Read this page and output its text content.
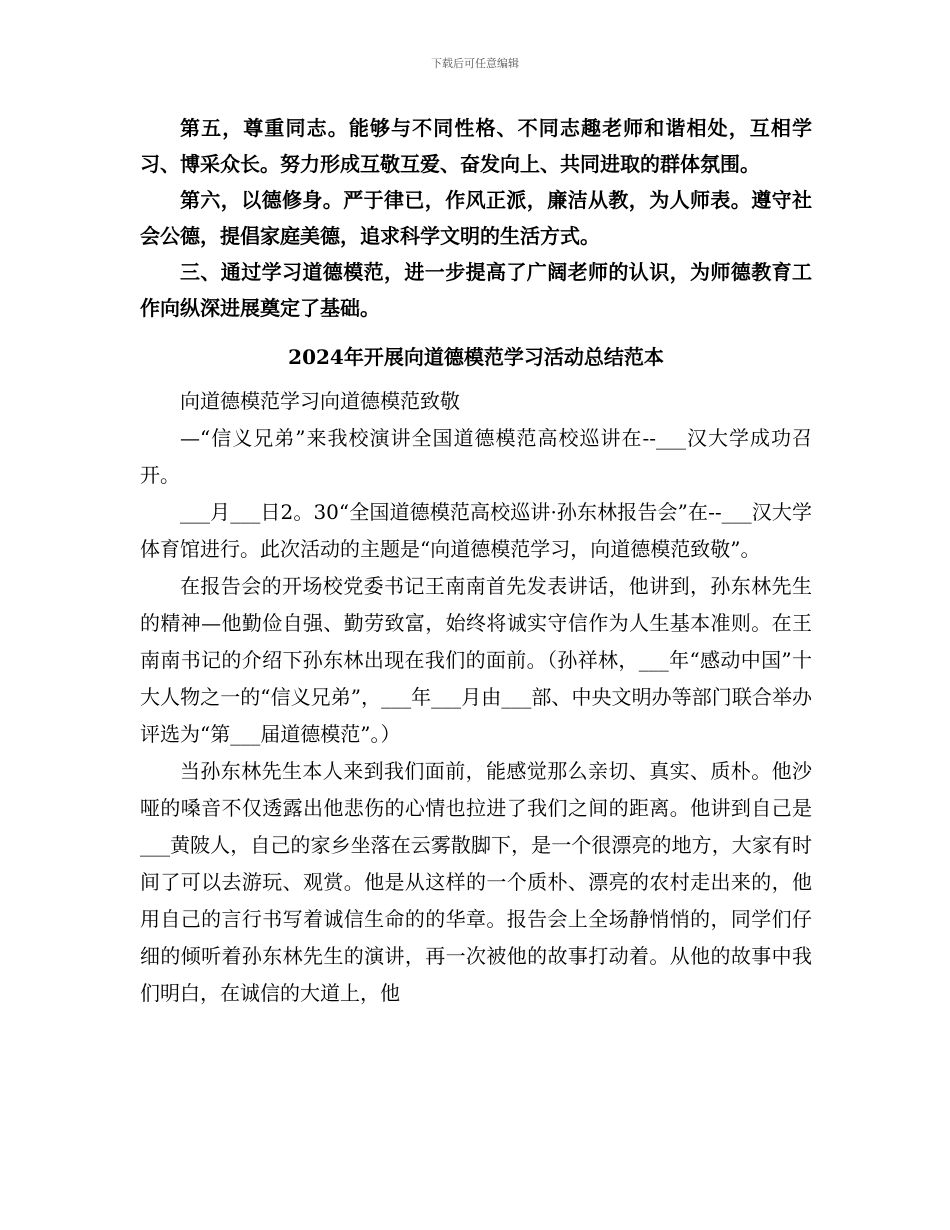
下载后可任意编辑

第五，尊重同志。能够与不同性格、不同志趣老师和谐相处，互相学习、博采众长。努力形成互敬互爱、奋发向上、共同进取的群体氛围。

第六，以德修身。严于律已，作风正派，廉洁从教，为人师表。遵守社会公德，提倡家庭美德，追求科学文明的生活方式。

三、通过学习道德模范，进一步提高了广阔老师的认识，为师德教育工作向纵深进展奠定了基础。

2024年开展向道德模范学习活动总结范本

向道德模范学习向道德模范致敬

—“信义兄弟”来我校演讲全国道德模范高校巡讲在--___汉大学成功召开。

___月___日2。30“全国道德模范高校巡讲·孙东林报告会”在--___汉大学体育馆进行。此次活动的主题是“向道德模范学习，向道德模范致敬”。

在报告会的开场校党委书记王南南首先发表讲话，他讲到，孙东林先生的精神—他勤俭自强、勤劳致富，始终将诚实守信作为人生基本准则。在王南南书记的介绍下孙东林出现在我们的面前。（孙祥林，___年“感动中国”十大人物之一的“信义兄弟”，___年___月由___部、中央文明办等部门联合举办评选为“第___届道德模范”。）

当孙东林先生本人来到我们面前，能感觉那么亲切、真实、质朴。他沙哑的嗓音不仅透露出他悲伤的心情也拉进了我们之间的距离。他讲到自己是___黄陂人，自己的家乡坐落在云雾散脚下，是一个很漂亮的地方，大家有时间了可以去游玩、观赏。他是从这样的一个质朴、漂亮的农村走出来的，他用自己的言行书写着诚信生命的的华章。报告会上全场静悄悄的，同学们仔细的倾听着孙东林先生的演讲，再一次被他的故事打动着。从他的故事中我们明白，在诚信的大道上，他
